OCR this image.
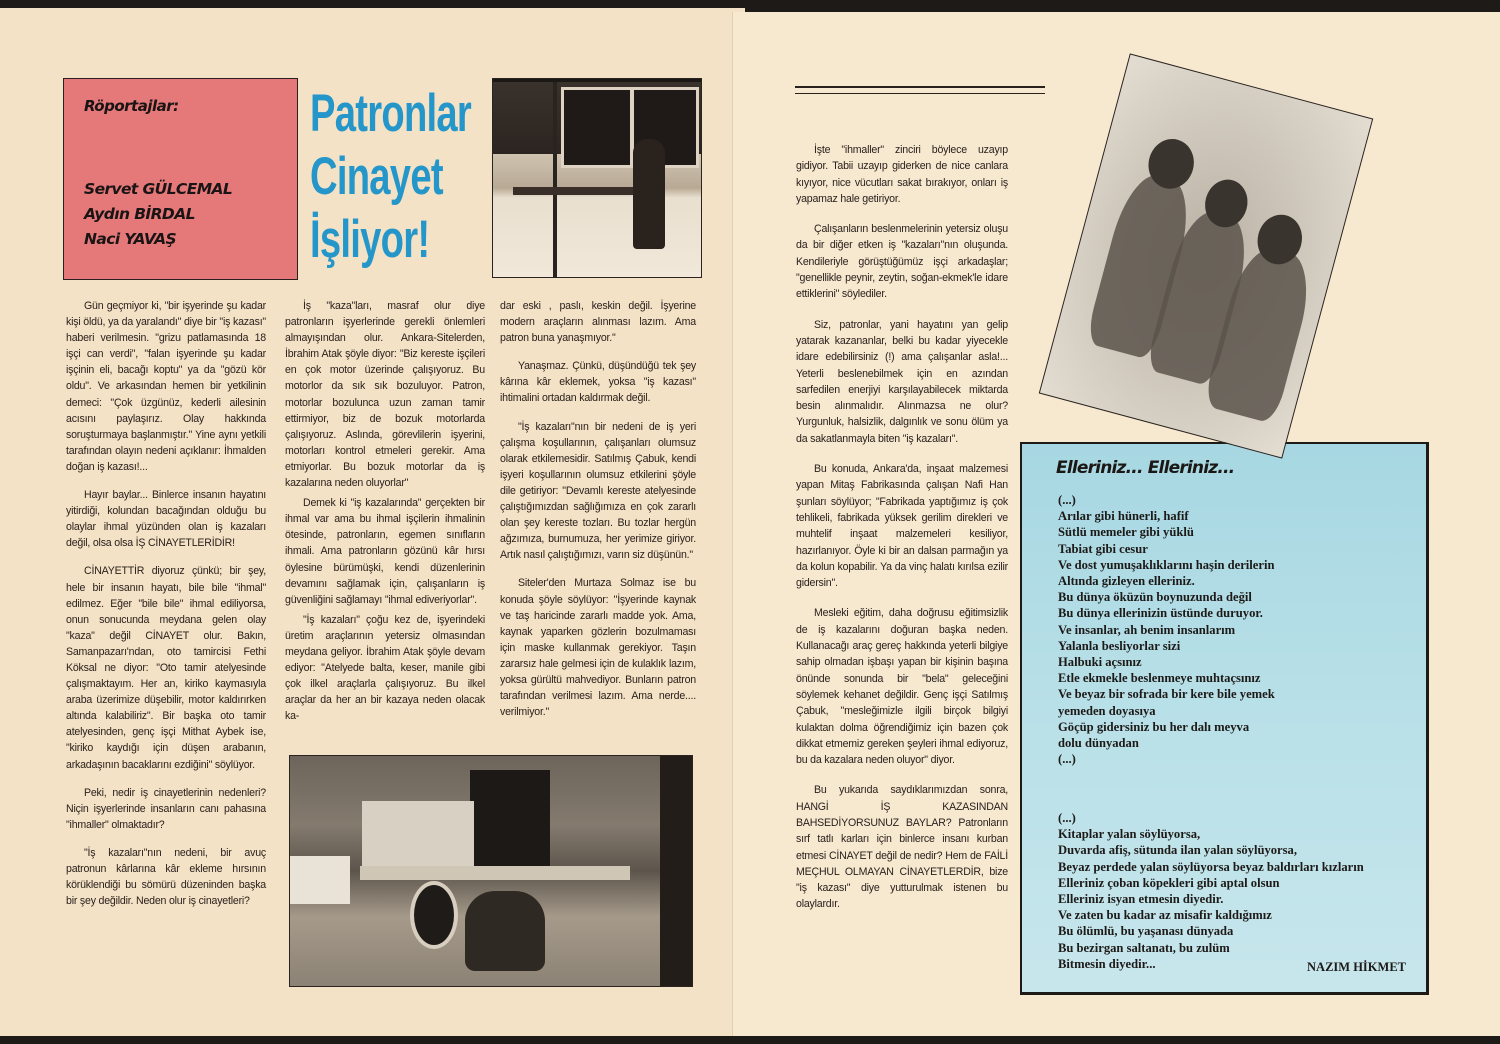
Röportajlar:
Servet GÜLCEMAL
Aydın BİRDAL
Naci YAVAŞ
Patronlar
Cinayet
İşliyor!

Gün geçmiyor ki, "bir işyerinde şu kadar kişi öldü, ya da yaralandı" diye bir "iş kazası" haberi verilmesin. "grizu patlamasında 18 işçi can verdi", "falan işyerinde şu kadar işçinin eli, bacağı koptu" ya da "gözü kör oldu". Ve arkasından hemen bir yetkilinin demeci: "Çok üzgünüz, kederli ailesinin acısını paylaşırız. Olay hakkında soruşturmaya başlanmıştır." Yine aynı yetkili tarafından olayın nedeni açıklanır: İhmalden doğan iş kazası!...

Hayır baylar... Binlerce insanın hayatını yitirdiği, kolundan bacağından olduğu bu olaylar ihmal yüzünden olan iş kazaları değil, olsa olsa İŞ CİNAYETLERİDİR!

CİNAYETTİR diyoruz çünkü; bir şey, hele bir insanın hayatı, bile bile "ihmal" edilmez. Eğer "bile bile" ihmal ediliyorsa, onun sonucunda meydana gelen olay "kaza" değil CİNAYET olur. Bakın, Samanpazarı'ndan, oto tamircisi Fethi Köksal ne diyor: "Oto tamir atelyesinde çalışmaktayım. Her an, kiriko kaymasıyla araba üzerimize düşebilir, motor kaldırırken altında kalabiliriz". Bir başka oto tamir atelyesinden, genç işçi Mithat Aybek ise, "kiriko kaydığı için düşen arabanın, arkadaşının bacaklarını ezdiğini" söylüyor.

Peki, nedir iş cinayetlerinin nedenleri? Niçin işyerlerinde insanların canı pahasına "ihmaller" olmaktadır?

"İş kazaları"nın nedeni, bir avuç patronun kârlarına kâr ekleme hırsının körüklendiği bu sömürü düzeninden başka bir şey değildir. Neden olur iş cinayetleri?

İş "kaza"ları, masraf olur diye patronların işyerlerinde gerekli önlemleri almayışından olur. Ankara-Sitelerden, İbrahim Atak şöyle diyor: "Biz kereste işçileri en çok motor üzerinde çalışıyoruz. Bu motorlor da sık sık bozuluyor. Patron, motorlar bozulunca uzun zaman tamir ettirmiyor, biz de bozuk motorlarda çalışıyoruz. Aslında, görevlilerin işyerini, motorları kontrol etmeleri gerekir. Ama etmiyorlar. Bu bozuk motorlar da iş kazalarına neden oluyorlar"

Demek ki "iş kazalarında" gerçekten bir ihmal var ama bu ihmal işçilerin ihmalinin ötesinde, patronların, egemen sınıfların ihmali. Ama patronların gözünü kâr hırsı öylesine bürümüşki, kendi düzenlerinin devamını sağlamak için, çalışanların iş güvenliğini sağlamayı "ihmal ediveriyorlar".

"İş kazaları" çoğu kez de, işyerindeki üretim araçlarının yetersiz olmasından meydana geliyor. İbrahim Atak şöyle devam ediyor: "Atelyede balta, keser, manile gibi çok ilkel araçlarla çalışıyoruz. Bu ilkel araçlar da her an bir kazaya neden olacak ka-

dar eski , paslı, keskin değil. İşyerine modern araçların alınması lazım. Ama patron buna yanaşmıyor."

Yanaşmaz. Çünkü, düşündüğü tek şey kârına kâr eklemek, yoksa "iş kazası" ihtimalini ortadan kaldırmak değil.

"İş kazaları"nın bir nedeni de iş yeri çalışma koşullarının, çalışanları olumsuz olarak etkilemesidir. Satılmış Çabuk, kendi işyeri koşullarının olumsuz etkilerini şöyle dile getiriyor: "Devamlı kereste atelyesinde çalıştığımızdan sağlığımıza en çok zararlı olan şey kereste tozları. Bu tozlar hergün ağzımıza, burnumuza, her yerimize giriyor. Artık nasıl çalıştığımızı, varın siz düşünün."

Siteler'den Murtaza Solmaz ise bu konuda şöyle söylüyor: "İşyerinde kaynak ve taş haricinde zararlı madde yok. Ama, kaynak yaparken gözlerin bozulmaması için maske kullanmak gerekiyor. Taşın zararsız hale gelmesi için de kulaklık lazım, yoksa gürültü mahvediyor. Bunların patron tarafından verilmesi lazım. Ama nerde.... verilmiyor."

İşte "ihmaller" zinciri böylece uzayıp gidiyor. Tabii uzayıp giderken de nice canlara kıyıyor, nice vücutları sakat bırakıyor, onları iş yapamaz hale getiriyor.

Çalışanların beslenmelerinin yetersiz oluşu da bir diğer etken iş "kazaları"nın oluşunda. Kendileriyle görüştüğümüz işçi arkadaşlar; "genellikle peynir, zeytin, soğan-ekmek'le idare ettiklerini" söylediler.

Siz, patronlar, yani hayatını yan gelip yatarak kazananlar, belki bu kadar yiyecekle idare edebilirsiniz (!) ama çalışanlar asla!... Yeterli beslenebilmek için en azından sarfedilen enerjiyi karşılayabilecek miktarda besin alınmalıdır. Alınmazsa ne olur? Yurgunluk, halsizlik, dalgınlık ve sonu ölüm ya da sakatlanmayla biten "iş kazaları".

Bu konuda, Ankara'da, inşaat malzemesi yapan Mitaş Fabrikasında çalışan Nafi Han şunları söylüyor; "Fabrikada yaptığımız iş çok tehlikeli, fabrikada yüksek gerilim direkleri ve muhtelif inşaat malzemeleri kesiliyor, hazırlanıyor. Öyle ki bir an dalsan parmağın ya da kolun kopabilir. Ya da vinç halatı kırılsa ezilir gidersin".

Mesleki eğitim, daha doğrusu eğitimsizlik de iş kazalarını doğuran başka neden. Kullanacağı araç gereç hakkında yeterli bilgiye sahip olmadan işbaşı yapan bir kişinin başına önünde sonunda bir "bela" geleceğini söylemek kehanet değildir. Genç işçi Satılmış Çabuk, "mesleğimizle ilgili birçok bilgiyi kulaktan dolma öğrendiğimiz için bazen çok dikkat etmemiz gereken şeyleri ihmal ediyoruz, bu da kazalara neden oluyor" diyor.

Bu yukarıda saydıklarımızdan sonra, HANGİ İŞ KAZASINDAN BAHSEDİYORSUNUZ BAYLAR? Patronların sırf tatlı karları için binlerce insanı kurban etmesi CİNAYET değil de nedir? Hem de FAİLİ MEÇHUL OLMAYAN CİNAYETLERDİR, bize "iş kazası" diye yutturulmak istenen bu olaylardır.

Elleriniz... Elleriniz...
(...)
Arılar gibi hünerli, hafif
Sütlü memeler gibi yüklü
Tabiat gibi cesur
Ve dost yumuşaklıklarını haşin derilerin
Altında gizleyen elleriniz.
Bu dünya öküzün boynuzunda değil
Bu dünya ellerinizin üstünde duruyor.
Ve insanlar, ah benim insanlarım
Yalanla besliyorlar sizi
Halbuki açsınız
Etle ekmekle beslenmeye muhtaçsınız
Ve beyaz bir sofrada bir kere bile yemek
yemeden doyasıya
Göçüp gidersiniz bu her dalı meyva
dolu dünyadan
(...)
(...)
Kitaplar yalan söylüyorsa,
Duvarda afiş, sütunda ilan yalan söylüyorsa,
Beyaz perdede yalan söylüyorsa beyaz baldırları kızların
Elleriniz çoban köpekleri gibi aptal olsun
Elleriniz isyan etmesin diyedir.
Ve zaten bu kadar az misafir kaldığımız
Bu ölümlü, bu yaşanası dünyada
Bu bezirgan saltanatı, bu zulüm
Bitmesin diyedir...	NAZIM HİKMET
